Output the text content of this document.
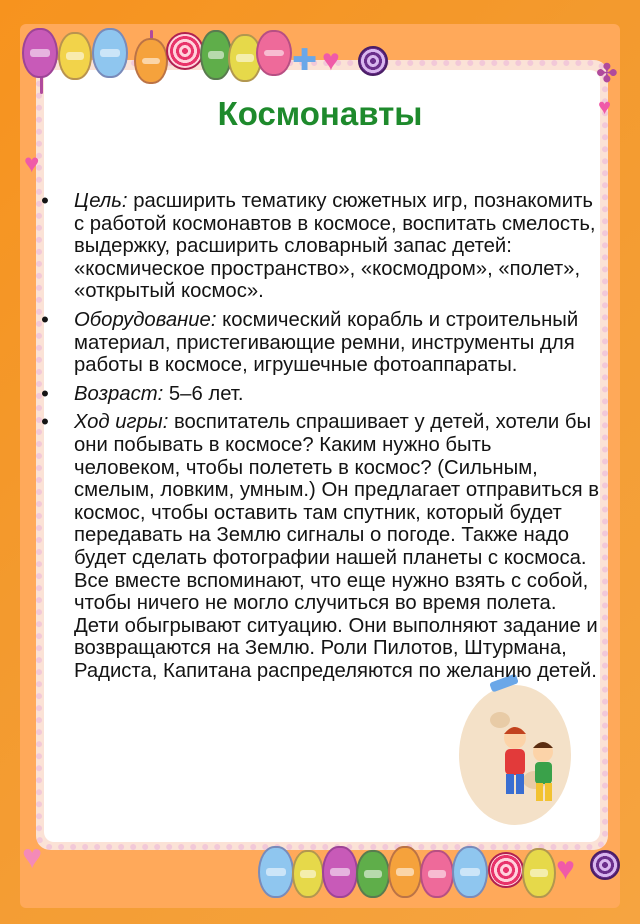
✚ ♥	✤
♥
♥
♥	♥
Космонавты
• Цель: расширить тематику сюжетных игр, познакомить с работой космонавтов в космосе, воспитать смелость, выдержку, расширить словарный запас детей: «космическое пространство», «космодром», «полет», «открытый космос».
• Оборудование: космический корабль и строительный материал, пристегивающие ремни, инструменты для работы в космосе, игрушечные фотоаппараты.
• Возраст: 5–6 лет.
• Ход игры: воспитатель спрашивает у детей, хотели бы они побывать в космосе? Каким нужно быть человеком, чтобы полететь в космос? (Сильным, смелым, ловким, умным.) Он предлагает отправиться в космос, чтобы оставить там спутник, который будет передавать на Землю сигналы о погоде. Также надо будет сделать фотографии нашей планеты с космоса. Все вместе вспоминают, что еще нужно взять с собой, чтобы ничего не могло случиться во время полета. Дети обыгрывают ситуацию. Они выполняют задание и возвращаются на Землю. Роли Пилотов, Штурмана, Радиста, Капитана распределяются по желанию детей.
